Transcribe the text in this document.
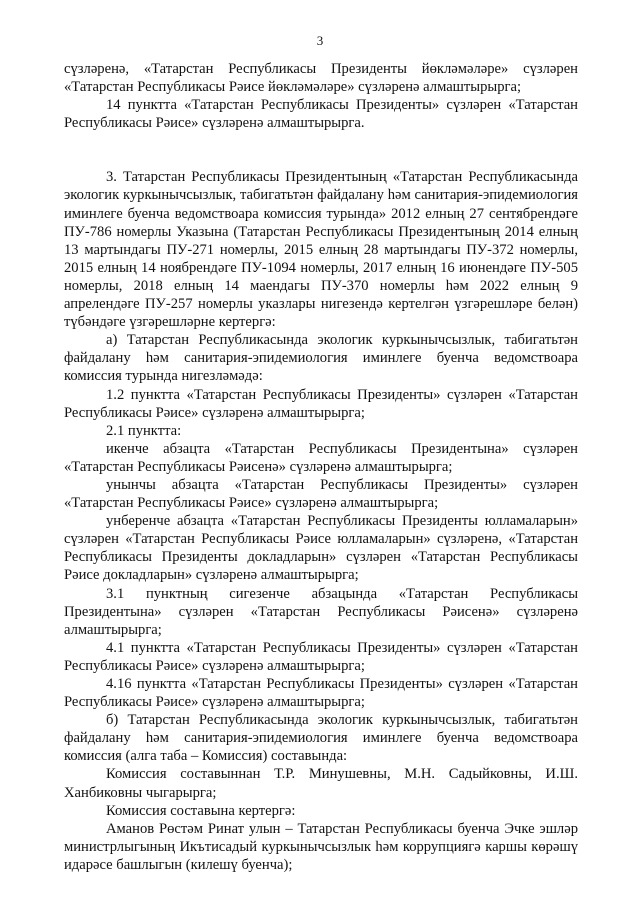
3

сүзләренә, «Татарстан Республикасы Президенты йөкләмәләре» сүзләрен «Татарстан Республикасы Рәисе йөкләмәләре» сүзләренә алмаштырырга;

14 пунктта «Татарстан Республикасы Президенты» сүзләрен «Татарстан Республикасы Рәисе» сүзләренә алмаштырырга.

3. Татарстан Республикасы Президентының «Татарстан Республикасында экологик куркынычсызлык, табигатьтән файдалану һәм санитария-эпидемиология иминлеге буенча ведомствоара комиссия турында» 2012 елның 27 сентябрендәге ПУ-786 номерлы Указына (Татарстан Республикасы Президентының 2014 елның 13 мартындагы ПУ-271 номерлы, 2015 елның 28 мартындагы ПУ-372 номерлы, 2015 елның 14 ноябрендәге ПУ-1094 номерлы, 2017 елның 16 июнендәге ПУ-505 номерлы, 2018 елның 14 маендагы ПУ-370 номерлы һәм 2022 елның 9 апрелендәге ПУ-257 номерлы указлары нигезендә кертелгән үзгәрешләре белән) түбәндәге үзгәрешләрне кертергә:

а) Татарстан Республикасында экологик куркынычсызлык, табигатьтән файдалану һәм санитария-эпидемиология иминлеге буенча ведомствоара комиссия турында нигезләмәдә:

1.2 пунктта «Татарстан Республикасы Президенты» сүзләрен «Татарстан Республикасы Рәисе» сүзләренә алмаштырырга;

2.1 пунктта:

икенче абзацта «Татарстан Республикасы Президентына» сүзләрен «Татарстан Республикасы Рәисенә» сүзләренә алмаштырырга;

унынчы абзацта «Татарстан Республикасы Президенты» сүзләрен «Татарстан Республикасы Рәисе» сүзләренә алмаштырырга;

унберенче абзацта «Татарстан Республикасы Президенты юлламаларын» сүзләрен «Татарстан Республикасы Рәисе юлламаларын» сүзләренә, «Татарстан Республикасы Президенты докладларын» сүзләрен «Татарстан Республикасы Рәисе докладларын» сүзләренә алмаштырырга;

3.1 пунктның сигезенче абзацында «Татарстан Республикасы Президентына» сүзләрен «Татарстан Республикасы Рәисенә» сүзләренә алмаштырырга;

4.1 пунктта «Татарстан Республикасы Президенты» сүзләрен «Татарстан Республикасы Рәисе» сүзләренә алмаштырырга;

4.16 пунктта «Татарстан Республикасы Президенты» сүзләрен «Татарстан Республикасы Рәисе» сүзләренә алмаштырырга;

б) Татарстан Республикасында экологик куркынычсызлык, табигатьтән файдалану һәм санитария-эпидемиология иминлеге буенча ведомствоара комиссия (алга таба – Комиссия) составында:

Комиссия составыннан Т.Р. Минушевны, М.Н. Садыйковны, И.Ш. Ханбиковны чыгарырга;

Комиссия составына кертергә:

Аманов Рөстәм Ринат улын – Татарстан Республикасы буенча Эчке эшләр министрлыгының Икътисадый куркынычсызлык һәм коррупциягә каршы көрәшү идарәсе башлыгын (килешү буенча);
